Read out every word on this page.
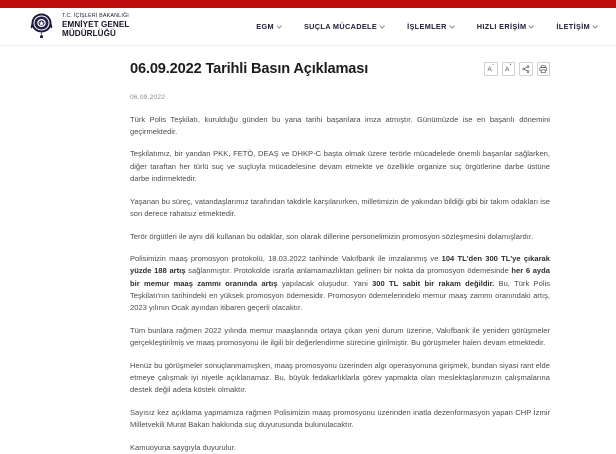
T.C. İÇİŞLERİ BAKANLIĞI
EMNİYET GENEL
MÜDÜRLÜĞÜ
EGM	SUÇLA MÜCADELE	İŞLEMLER	HIZLI ERİŞİM	İLETİŞİM
06.09.2022 Tarihli Basın Açıklaması	A−
A+
06.09.2022

Türk Polis Teşkilatı, kurulduğu günden bu yana tarihi başarılara imza atmıştır. Günümüzde ise en başarılı dönemini geçirmektedir.

Teşkilatımız, bir yandan PKK, FETÖ, DEAŞ ve DHKP-C başta olmak üzere terörle mücadelede önemli başarılar sağlarken, diğer taraftan her türlü suç ve suçluyla mücadelesine devam etmekte ve özellikle organize suç örgütlerine darbe üstüne darbe indirmektedir.

Yaşanan bu süreç, vatandaşlarımız tarafından takdirle karşılanırken, milletimizin de yakından bildiği gibi bir takım odakları ise son derece rahatsız etmektedir.

Terör örgütleri ile aynı dili kullanan bu odaklar, son olarak dillerine personelimizin promosyon sözleşmesini dolamışlardır.

Polisimizin maaş promosyon protokolü, 18.03.2022 tarihinde Vakıfbank ile imzalanmış ve 104 TL'den 300 TL'ye çıkarak yüzde 188 artış sağlanmıştır. Protokolde ısrarla anlamamazlıktan gelinen bir nokta da promosyon ödemesinde her 6 ayda bir memur maaş zammı oranında artış yapılacak oluşudur. Yani 300 TL sabit bir rakam değildir. Bu, Türk Polis Teşkilatı'nın tarihindeki en yüksek promosyon ödemesidir. Promosyon ödemelerindeki memur maaş zammı oranındaki artış, 2023 yılının Ocak ayından itibaren geçerli olacaktır.

Tüm bunlara rağmen 2022 yılında memur maaşlarında ortaya çıkan yeni durum üzerine, Vakıfbank ile yeniden görüşmeler gerçekleştirilmiş ve maaş promosyonu ile ilgili bir değerlendirme sürecine girilmiştir. Bu görüşmeler halen devam etmektedir.

Henüz bu görüşmeler sonuçlanmamışken, maaş promosyonu üzerinden algı operasyonuna girişmek, bundan siyasi rant elde etmeye çalışmak iyi niyetle açıklanamaz. Bu, büyük fedakarlıklarla görev yapmakta olan meslektaşlarımızın çalışmalarına destek değil adeta köstek olmaktır.

Sayısız kez açıklama yapmamıza rağmen Polisimizin maaş promosyonu üzerinden inatla dezenformasyon yapan CHP İzmir Milletvekili Murat Bakan hakkında suç duyurusunda bulunulacaktır.

Kamuoyuna saygıyla duyurulur.
